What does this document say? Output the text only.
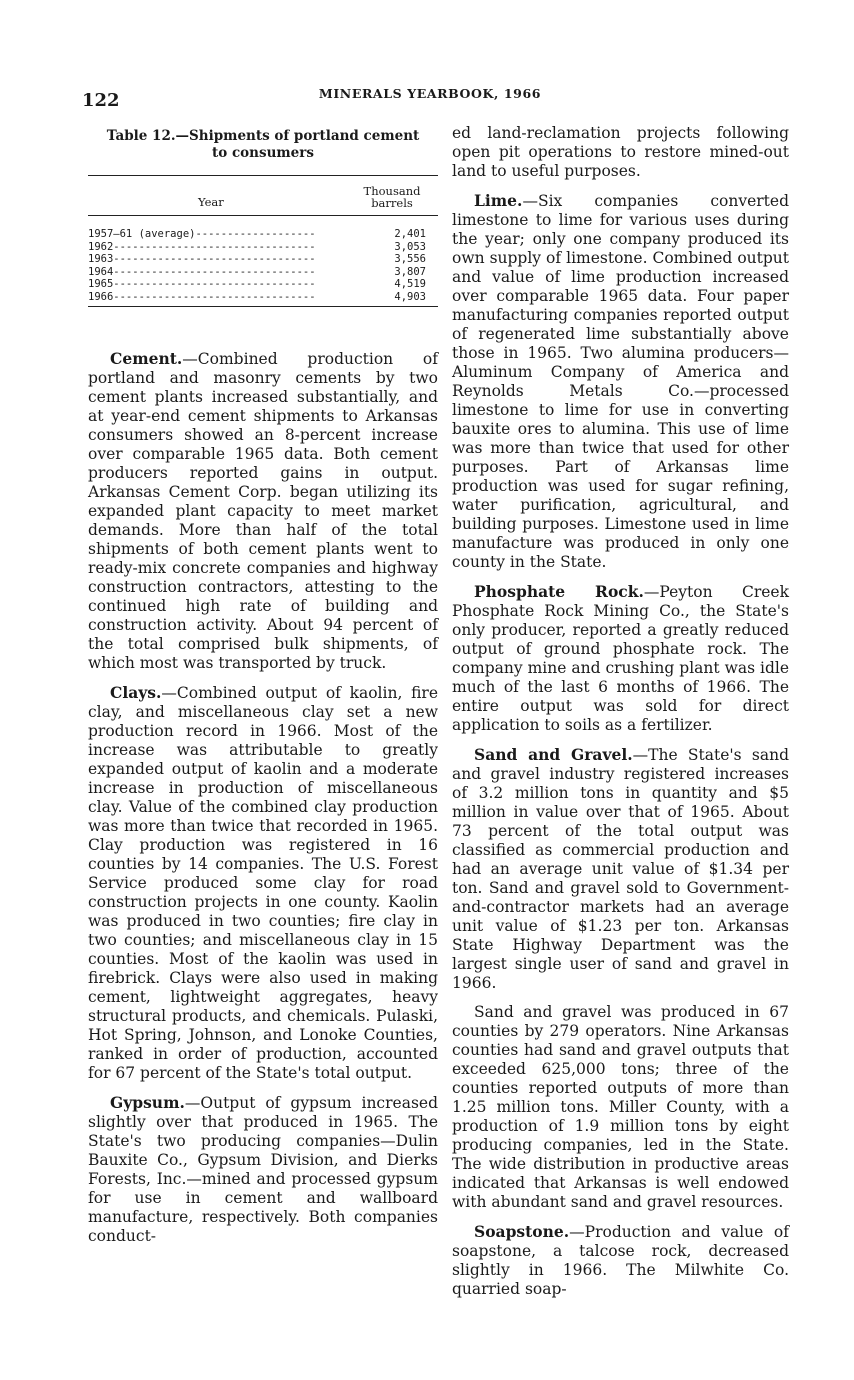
122	MINERALS YEARBOOK, 1966
Table 12.—Shipments of portland cement
to consumers
Year
Thousand barrels
1957–61 (average)-------------------	2,401
1962--------------------------------	3,053
1963--------------------------------	3,556
1964--------------------------------	3,807
1965--------------------------------	4,519
1966--------------------------------	4,903

Cement.—Combined production of portland and masonry cements by two cement plants increased substantially, and at year-end cement shipments to Arkansas consumers showed an 8-percent increase over comparable 1965 data. Both cement producers reported gains in output. Arkansas Cement Corp. began utilizing its expanded plant capacity to meet market demands. More than half of the total shipments of both cement plants went to ready-mix concrete companies and highway construction contractors, attesting to the continued high rate of building and construction activity. About 94 percent of the total comprised bulk shipments, of which most was transported by truck.

Clays.—Combined output of kaolin, fire clay, and miscellaneous clay set a new production record in 1966. Most of the increase was attributable to greatly expanded output of kaolin and a moderate increase in production of miscellaneous clay. Value of the combined clay production was more than twice that recorded in 1965. Clay production was registered in 16 counties by 14 companies. The U.S. Forest Service produced some clay for road construction projects in one county. Kaolin was produced in two counties; fire clay in two counties; and miscellaneous clay in 15 counties. Most of the kaolin was used in firebrick. Clays were also used in making cement, lightweight aggregates, heavy structural products, and chemicals. Pulaski, Hot Spring, Johnson, and Lonoke Counties, ranked in order of production, accounted for 67 percent of the State's total output.

Gypsum.—Output of gypsum increased slightly over that produced in 1965. The State's two producing companies—Dulin Bauxite Co., Gypsum Division, and Dierks Forests, Inc.—mined and processed gypsum for use in cement and wallboard manufacture, respectively. Both companies conduct-

ed land-reclamation projects following open pit operations to restore mined-out land to useful purposes.

Lime.—Six companies converted limestone to lime for various uses during the year; only one company produced its own supply of limestone. Combined output and value of lime production increased over comparable 1965 data. Four paper manufacturing companies reported output of regenerated lime substantially above those in 1965. Two alumina producers—Aluminum Company of America and Reynolds Metals Co.—processed limestone to lime for use in converting bauxite ores to alumina. This use of lime was more than twice that used for other purposes. Part of Arkansas lime production was used for sugar refining, water purification, agricultural, and building purposes. Limestone used in lime manufacture was produced in only one county in the State.

Phosphate Rock.—Peyton Creek Phosphate Rock Mining Co., the State's only producer, reported a greatly reduced output of ground phosphate rock. The company mine and crushing plant was idle much of the last 6 months of 1966. The entire output was sold for direct application to soils as a fertilizer.

Sand and Gravel.—The State's sand and gravel industry registered increases of 3.2 million tons in quantity and $5 million in value over that of 1965. About 73 percent of the total output was classified as commercial production and had an average unit value of $1.34 per ton. Sand and gravel sold to Government-and-contractor markets had an average unit value of $1.23 per ton. Arkansas State Highway Department was the largest single user of sand and gravel in 1966.

Sand and gravel was produced in 67 counties by 279 operators. Nine Arkansas counties had sand and gravel outputs that exceeded 625,000 tons; three of the counties reported outputs of more than 1.25 million tons. Miller County, with a production of 1.9 million tons by eight producing companies, led in the State. The wide distribution in productive areas indicated that Arkansas is well endowed with abundant sand and gravel resources.

Soapstone.—Production and value of soapstone, a talcose rock, decreased slightly in 1966. The Milwhite Co. quarried soap-
